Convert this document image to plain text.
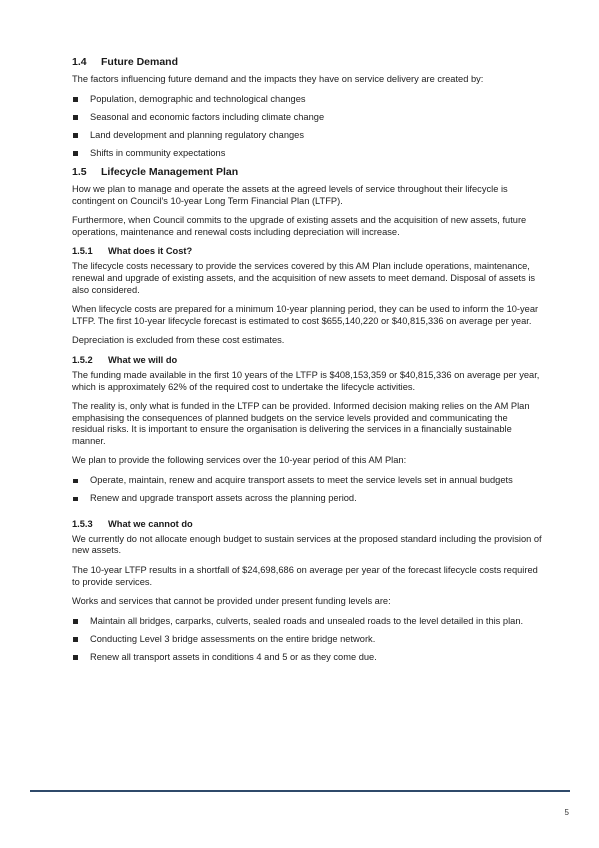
1.4 Future Demand

The factors influencing future demand and the impacts they have on service delivery are created by:

Population, demographic and technological changes
Seasonal and economic factors including climate change
Land development and planning regulatory changes
Shifts in community expectations
1.5 Lifecycle Management Plan

How we plan to manage and operate the assets at the agreed levels of service throughout their lifecycle is contingent on Council’s 10-year Long Term Financial Plan (LTFP).

Furthermore, when Council commits to the upgrade of existing assets and the acquisition of new assets, future operations, maintenance and renewal costs including depreciation will increase.

1.5.1 What does it Cost?

The lifecycle costs necessary to provide the services covered by this AM Plan include operations, maintenance, renewal and upgrade of existing assets, and the acquisition of new assets to meet demand. Disposal of assets is also considered.

When lifecycle costs are prepared for a minimum 10-year planning period, they can be used to inform the 10-year LTFP. The first 10-year lifecycle forecast is estimated to cost $655,140,220 or $40,815,336 on average per year.

Depreciation is excluded from these cost estimates.

1.5.2 What we will do

The funding made available in the first 10 years of the LTFP is $408,153,359 or $40,815,336 on average per year, which is approximately 62% of the required cost to undertake the lifecycle activities.

The reality is, only what is funded in the LTFP can be provided. Informed decision making relies on the AM Plan emphasising the consequences of planned budgets on the service levels provided and communicating the residual risks. It is important to ensure the organisation is delivering the services in a financially sustainable manner.

We plan to provide the following services over the 10-year period of this AM Plan:

Operate, maintain, renew and acquire transport assets to meet the service levels set in annual budgets
Renew and upgrade transport assets across the planning period.
1.5.3 What we cannot do

We currently do not allocate enough budget to sustain services at the proposed standard including the provision of new assets.

The 10-year LTFP results in a shortfall of $24,698,686 on average per year of the forecast lifecycle costs required to provide services.

Works and services that cannot be provided under present funding levels are:

Maintain all bridges, carparks, culverts, sealed roads and unsealed roads to the level detailed in this plan.
Conducting Level 3 bridge assessments on the entire bridge network.
Renew all transport assets in conditions 4 and 5 or as they come due.
5
